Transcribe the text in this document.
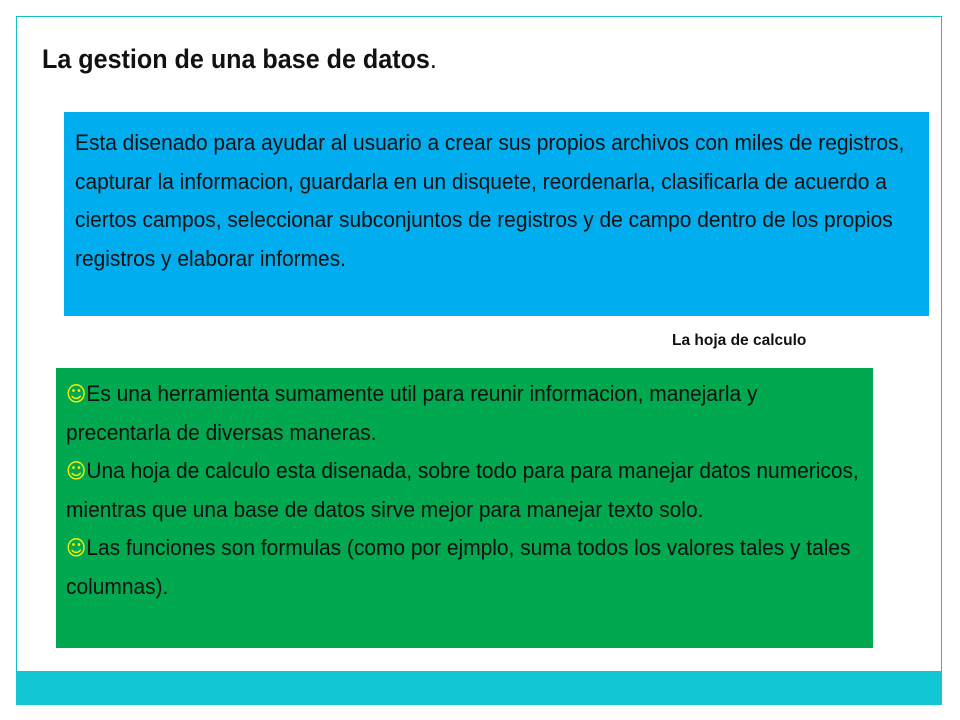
La gestion de una base de datos.

Esta disenado para ayudar al usuario a crear sus propios archivos con miles de registros, capturar la informacion, guardarla en un disquete, reordenarla, clasificarla de acuerdo a ciertos campos, seleccionar subconjuntos de registros y de campo dentro de los propios registros y elaborar informes.

La hoja de calculo

☺Es una herramienta sumamente util para reunir informacion, manejarla y precentarla de diversas maneras.
☺Una hoja de calculo esta disenada, sobre todo para para manejar datos numericos, mientras que una base de datos sirve mejor para manejar texto solo.
☺Las funciones son formulas (como por ejmplo, suma todos los valores tales y tales columnas).
